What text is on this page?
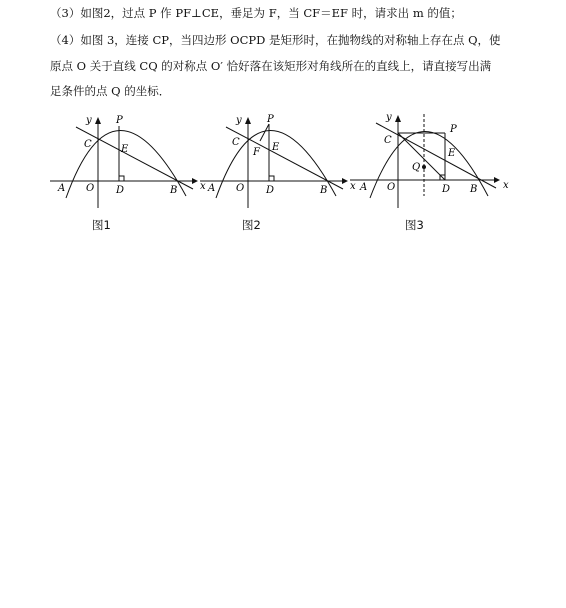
（3）如图2，过点 P 作 PF⊥CE，垂足为 F，当 CF＝EF 时，请求出 m 的值；
（4）如图 3，连接 CP，当四边形 OCPD 是矩形时，在抛物线的对称轴上存在点 Q，使
原点 O 关于直线 CQ 的对称点 O′ 恰好落在该矩形对角线所在的直线上，请直接写出满
足条件的点 Q 的坐标．
y
x
P
C	E
A O D	B
y
x
P
C	E
F
A O D	B
y
x
P
C
E
Q
A O	D B
图1	图2	图3
